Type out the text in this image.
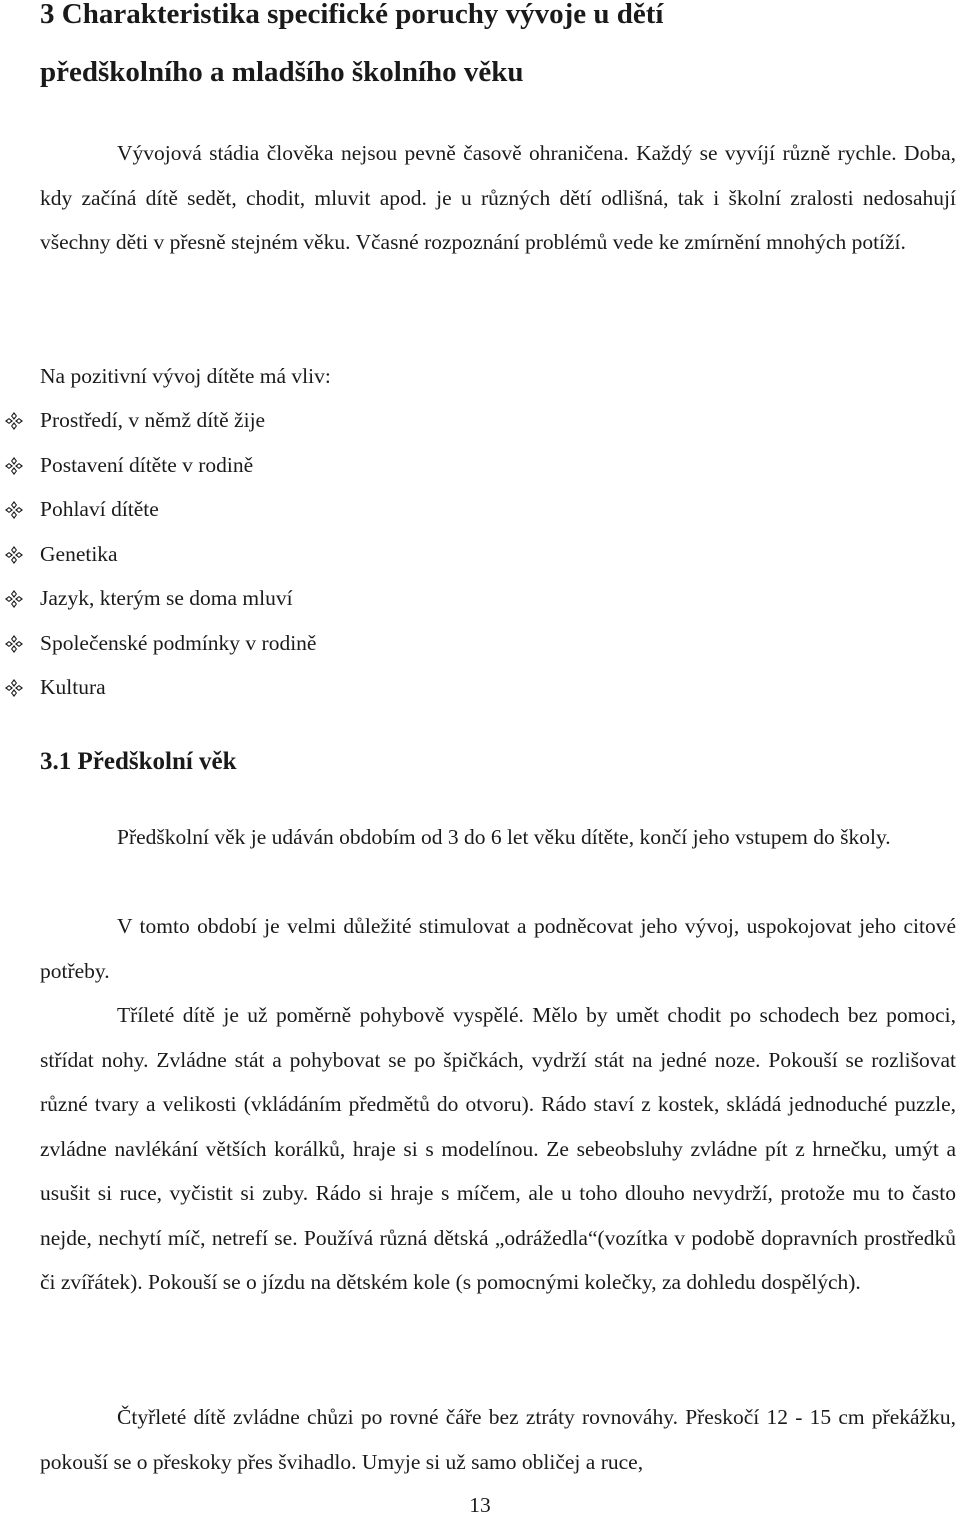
3 Charakteristika specifické poruchy vývoje u dětí
předškolního a mladšího školního věku

Vývojová stádia člověka nejsou pevně časově ohraničena. Každý se vyvíjí různě rychle. Doba, kdy začíná dítě sedět, chodit, mluvit apod. je u různých dětí odlišná, tak i školní zralosti nedosahují všechny děti v přesně stejném věku. Včasné rozpoznání problémů vede ke zmírnění mnohých potíží.

Na pozitivní vývoj dítěte má vliv:

Prostředí, v němž dítě žije
Postavení dítěte v rodině
Pohlaví dítěte
Genetika
Jazyk, kterým se doma mluví
Společenské podmínky v rodině
Kultura
3.1 Předškolní věk

Předškolní věk je udáván obdobím od 3 do 6 let věku dítěte, končí jeho vstupem do školy.

V tomto období je velmi důležité stimulovat a podněcovat jeho vývoj, uspokojovat jeho citové potřeby.

Tříleté dítě je už poměrně pohybově vyspělé. Mělo by umět chodit po schodech bez pomoci, střídat nohy. Zvládne stát a pohybovat se po špičkách, vydrží stát na jedné noze. Pokouší se rozlišovat různé tvary a velikosti (vkládáním předmětů do otvoru). Rádo staví z kostek, skládá jednoduché puzzle, zvládne navlékání větších korálků, hraje si s modelínou. Ze sebeobsluhy zvládne pít z hrnečku, umýt a usušit si ruce, vyčistit si zuby. Rádo si hraje s míčem, ale u toho dlouho nevydrží, protože mu to často nejde, nechytí míč, netrefí se. Používá různá dětská „odrážedla“(vozítka v podobě dopravních prostředků či zvířátek). Pokouší se o jízdu na dětském kole (s pomocnými kolečky, za dohledu dospělých).

Čtyřleté dítě zvládne chůzi po rovné čáře bez ztráty rovnováhy. Přeskočí 12 - 15 cm překážku, pokouší se o přeskoky přes švihadlo. Umyje si už samo obličej a ruce,

13
